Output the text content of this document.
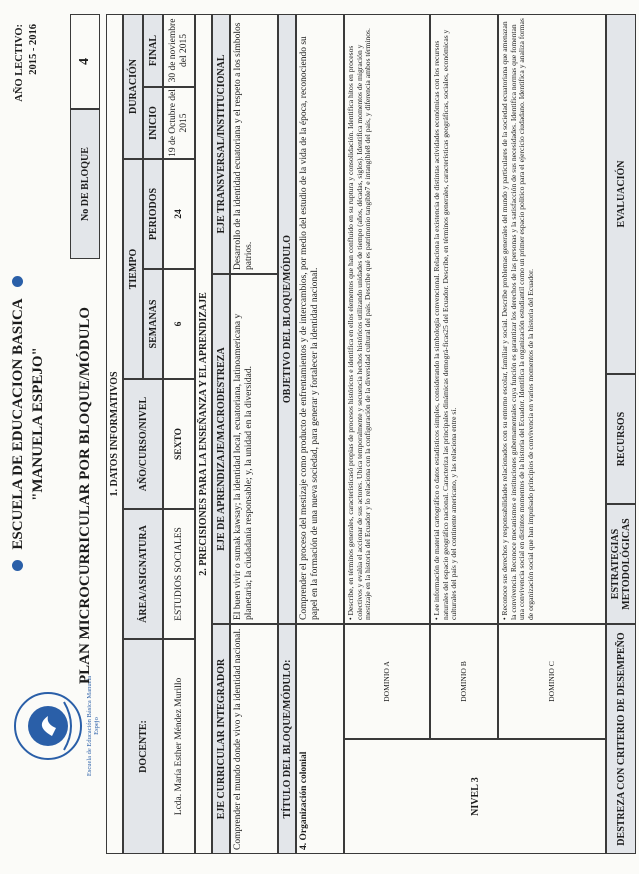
Escuela de Educación Básica Manuela Espejo
ESCUELA DE EDUCACION BASICA "MANUELA ESPEJO"
AÑO LECTIVO: 2015 - 2016
PLAN MICROCURRICULAR POR BLOQUE/MÓDULO
No DE BLOQUE
4
1. DATOS INFORMATIVOS
DOCENTE:
ÁREA/ASIGNATURA
AÑO/CURSO/NIVEL
TIEMPO
SEMANAS
PERIODOS
DURACIÓN
INICIO
FINAL
Lcda. María Esther Méndez Murillo
ESTUDIOS SOCIALES
SEXTO
6
24
19 de Octubre del 2015
30 de noviembre del 2015
2. PRECISIONES PARA LA ENSEÑANZA Y EL APRENDIZAJE
EJE CURRICULAR INTEGRADOR
EJE DE APRENDIZAJE/MACRODESTREZA
EJE TRANSVERSAL/INSTITUCIONAL
Comprender el mundo donde vivo y la identidad nacional.
El buen vivir o sumak kawsay; la identidad local, ecuatoriana, latinoamericana y planetaria; la ciudadanía responsable; y, la unidad en la diversidad.
Desarrollo de la identidad ecuatoriana y el respeto a los símbolos patrios.
TÍTULO DEL BLOQUE/MÓDULO:
OBJETIVO DEL BLOQUE/MÓDULO
4. Organización colonial
Comprender el proceso del mestizaje como producto de enfrentamientos y de intercambios, por medio del estudio de la vida de la época, reconociendo su papel en la formación de una nueva sociedad, para generar y fortalecer la identidad nacional.
NIVEL 3
DOMINIO A
• Describe, en términos generales, característicasó propias de procesos históricos e identifica en ellos elementos que han confluido en su ruptura y consolidación. Identifica hitos en procesos colectivos y evalúa el accionar de sus actores. Ubica temporalmente y secuencia hechos históricos utilizando unidades de tiempo (años, décadas, siglos). Identifica momentos de migración y mestizaje en la historia del Ecuador y lo relaciona con la configuración de la diversidad cultural del país. Describe qué es patrimonio tangible7 e intangible8 del país, y diferencia ambos términos.
DOMINIO B
• Lee información de material cartográfico o datos estadísticos simples, considerando la simbología convencional. Relaciona la existencia de distintas actividades económicas con los recursos naturales del espacio geográfico nacional. Caracteriza las principales dinámicas demográ-ficas25 del Ecuador. Describe, en términos generales, características geográficas, sociales, económicas y culturales del país y del continente americano, y las relaciona entre sí.
DOMINIO C
• Reconoce sus derechos y responsabilidades relacionados con su entorno escolar, familiar y social. Describe problemas generales del mundo y particulares de la sociedad ecuatoriana que amenazan la convivencia. Reconoce mecanismos e instituciones gubernamentales cuya función es garantizar los derechos de las personas y la satisfacción de sus necesidades. Identifica normas que fomentan una convivencia social en distintos momentos de la historia del Ecuador. Identifica la organización estudiantil como un primer espacio político para el ejercicio ciudadano. Identifica y analiza formas de organización social que han impulsado principios de convivencia en varios momentos de la historia del Ecuador.
DESTREZA CON CRITERIO DE DESEMPEÑO
ESTRATEGIAS METODOLÓGICAS
RECURSOS
EVALUACIÓN
